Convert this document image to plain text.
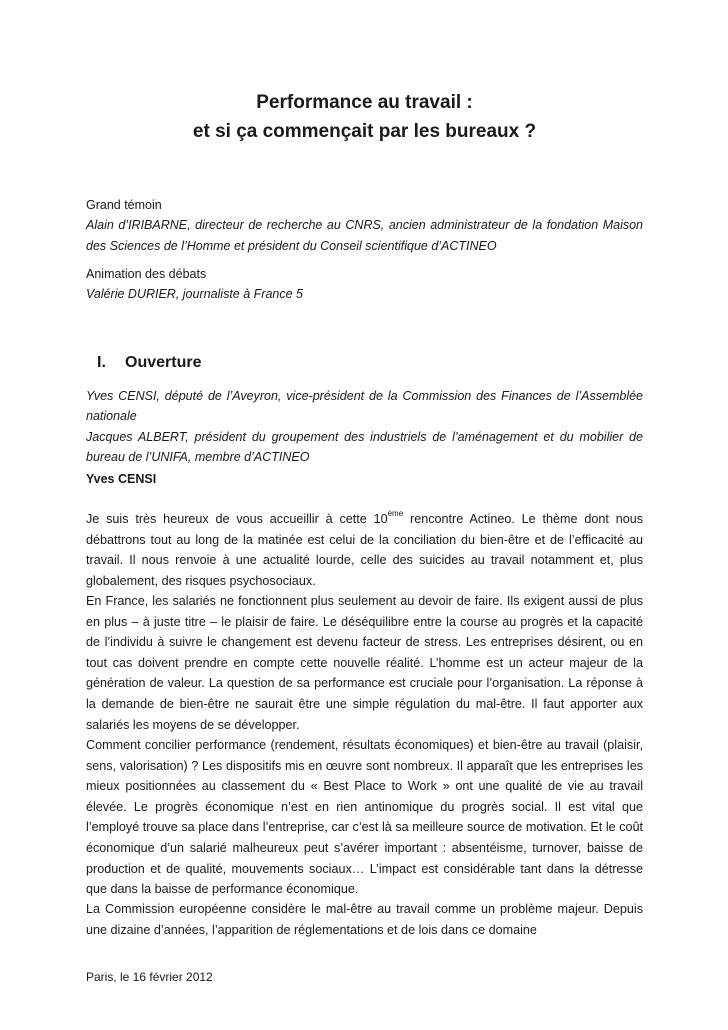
Performance au travail :
et si ça commençait par les bureaux ?

Grand témoin

Alain d’IRIBARNE, directeur de recherche au CNRS, ancien administrateur de la fondation Maison des Sciences de l’Homme et président du Conseil scientifique d’ACTINEO

Animation des débats

Valérie DURIER, journaliste à France 5

I. Ouverture

Yves CENSI, député de l’Aveyron, vice-président de la Commission des Finances de l’Assemblée nationale

Jacques ALBERT, président du groupement des industriels de l’aménagement et du mobilier de bureau de l’UNIFA, membre d’ACTINEO

Yves CENSI

Je suis très heureux de vous accueillir à cette 10ème rencontre Actineo. Le thème dont nous débattrons tout au long de la matinée est celui de la conciliation du bien-être et de l’efficacité au travail. Il nous renvoie à une actualité lourde, celle des suicides au travail notamment et, plus globalement, des risques psychosociaux.

En France, les salariés ne fonctionnent plus seulement au devoir de faire. Ils exigent aussi de plus en plus – à juste titre – le plaisir de faire. Le déséquilibre entre la course au progrès et la capacité de l’individu à suivre le changement est devenu facteur de stress. Les entreprises désirent, ou en tout cas doivent prendre en compte cette nouvelle réalité. L’homme est un acteur majeur de la génération de valeur. La question de sa performance est cruciale pour l’organisation. La réponse à la demande de bien-être ne saurait être une simple régulation du mal-être. Il faut apporter aux salariés les moyens de se développer.

Comment concilier performance (rendement, résultats économiques) et bien-être au travail (plaisir, sens, valorisation) ? Les dispositifs mis en œuvre sont nombreux. Il apparaît que les entreprises les mieux positionnées au classement du « Best Place to Work » ont une qualité de vie au travail élevée. Le progrès économique n’est en rien antinomique du progrès social. Il est vital que l’employé trouve sa place dans l’entreprise, car c’est là sa meilleure source de motivation. Et le coût économique d’un salarié malheureux peut s’avérer important : absentéisme, turnover, baisse de production et de qualité, mouvements sociaux… L’impact est considérable tant dans la détresse que dans la baisse de performance économique.

La Commission européenne considère le mal-être au travail comme un problème majeur. Depuis une dizaine d’années, l’apparition de réglementations et de lois dans ce domaine

Paris, le 16 février 2012
